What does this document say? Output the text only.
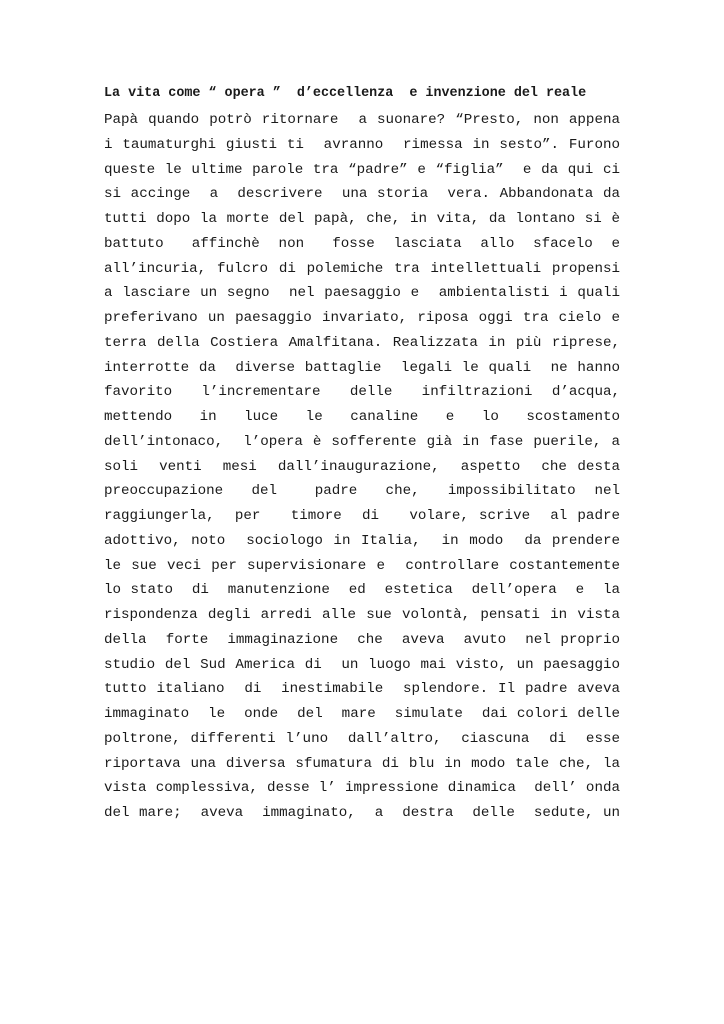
La vita come “ opera ”  d’eccellenza  e invenzione del reale
Papà quando potrò ritornare  a suonare? “Presto, non appena
i taumaturghi giusti ti  avranno  rimessa in sesto”. Furono
queste le ultime parole tra “padre” e “figlia”  e da qui ci
si accinge  a  descrivere  una storia  vera. Abbandonata da
tutti dopo la morte del papà, che, in vita, da lontano si è
battuto   affinchè  non   fosse  lasciata  allo  sfacelo  e
all’incuria, fulcro di polemiche tra intellettuali propensi
a lasciare un segno  nel paesaggio e  ambientalisti i quali
preferivano un paesaggio invariato, riposa oggi tra cielo e
terra della Costiera Amalfitana. Realizzata in più riprese,
interrotte da  diverse battaglie  legali le quali  ne hanno
favorito   l’incrementare   delle   infiltrazioni  d’acqua,
mettendo   in   luce   le   canaline   e   lo   scostamento
dell’intonaco,  l’opera è sofferente già in fase puerile, a
soli  venti  mesi  dall’inaugurazione,  aspetto  che desta
preoccupazione   del    padre   che,   impossibilitato  nel
raggiungerla,  per   timore  di   volare, scrive  al padre
adottivo, noto  sociologo in Italia,  in modo  da prendere
le sue veci per supervisionare e  controllare costantemente
lo stato  di  manutenzione  ed  estetica  dell’opera  e  la
rispondenza degli arredi alle sue volontà, pensati in vista
della  forte  immaginazione  che  aveva  avuto  nel proprio
studio del Sud America di  un luogo mai visto, un paesaggio
tutto italiano  di  inestimabile  splendore. Il padre aveva
immaginato  le  onde  del  mare  simulate  dai colori delle
poltrone, differenti l’uno  dall’altro,  ciascuna  di  esse
riportava una diversa sfumatura di blu in modo tale che, la
vista complessiva, desse l’ impressione dinamica  dell’ onda
del mare;  aveva  immaginato,  a  destra  delle  sedute, un
